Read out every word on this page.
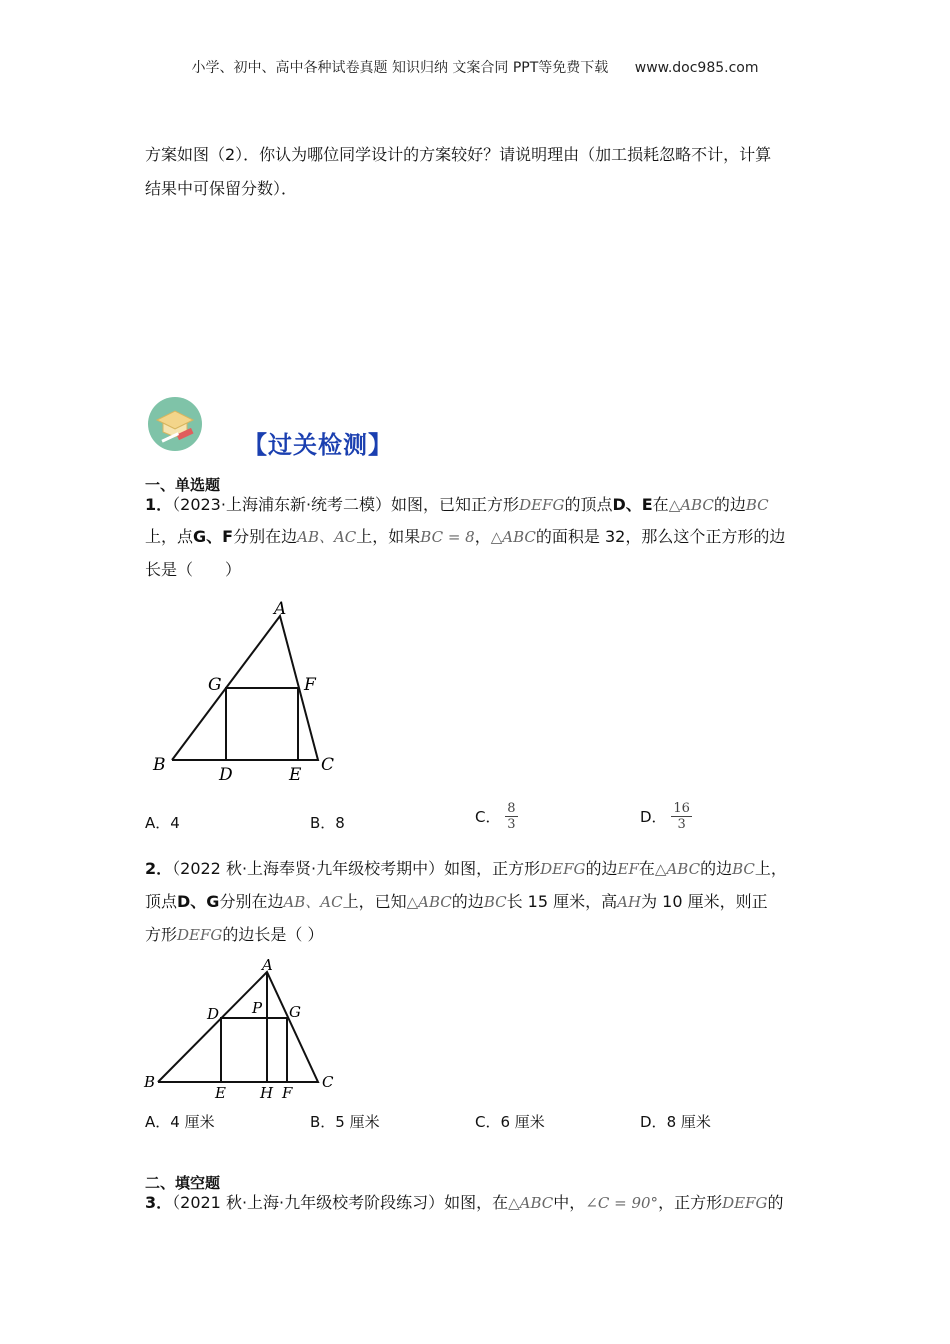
小学、初中、高中各种试卷真题 知识归纳 文案合同 PPT等免费下载 www.doc985.com
方案如图（2）．你认为哪位同学设计的方案较好？请说明理由（加工损耗忽略不计，计算
结果中可保留分数）．
【过关检测】
一、单选题
1．（2023·上海浦东新·统考二模）如图，已知正方形DEFG的顶点D、E在△ABC的边BC
上，点G、F分别在边AB、AC上，如果BC = 8，△ABC的面积是 32，那么这个正方形的边
长是（　　）
A
B	C
D	E
F
G
A．4	B．8	C． $\frac{8}{3}$	D． $\frac{16}{3}$
2．（2022 秋·上海奉贤·九年级校考期中）如图，正方形DEFG的边EF在△ABC的边BC上，
顶点D、G分别在边AB、AC上，已知△ABC的边BC长 15 厘米，高AH为 10 厘米，则正
方形DEFG的边长是（ ）
A
B	C
D
E	F
G
H
P
A．4 厘米	B．5 厘米	C．6 厘米	D．8 厘米
二、填空题
3．（2021 秋·上海·九年级校考阶段练习）如图，在△ABC中，∠C = 90°，正方形DEFG的
